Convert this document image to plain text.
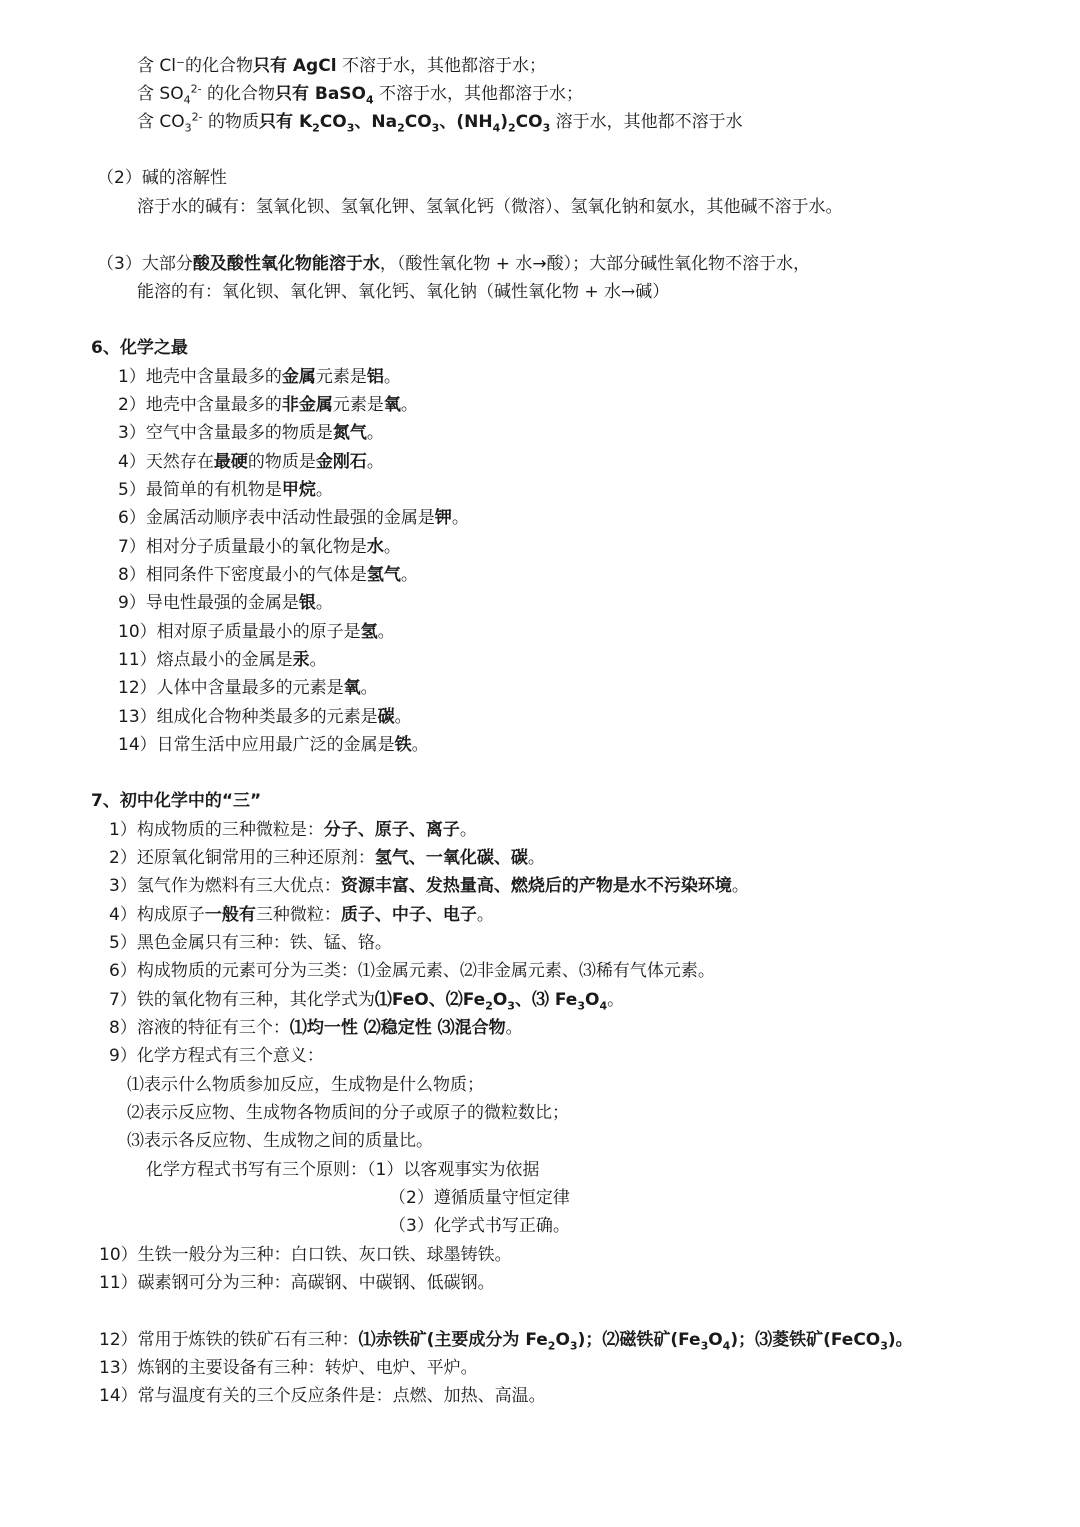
含 Cl⁻的化合物只有 AgCl 不溶于水，其他都溶于水；
含 $SO_4^{2-}$ 的化合物只有 BaSO$_4$ 不溶于水，其他都溶于水；
含 $CO_3^{2-}$ 的物质只有 $K_2CO_3$、$Na_2CO_3$、$(NH_4)_2CO_3$ 溶于水，其他都不溶于水
（2）碱的溶解性
溶于水的碱有：氢氧化钡、氢氧化钾、氢氧化钙（微溶）、氢氧化钠和氨水，其他碱不溶于水。
（3）大部分酸及酸性氧化物能溶于水，（酸性氧化物 + 水→酸）；大部分碱性氧化物不溶于水，
能溶的有：氧化钡、氧化钾、氧化钙、氧化钠（碱性氧化物 + 水→碱）
6、化学之最
1）地壳中含量最多的金属元素是铝。
2）地壳中含量最多的非金属元素是氧。
3）空气中含量最多的物质是氮气。
4）天然存在最硬的物质是金刚石。
5）最简单的有机物是甲烷。
6）金属活动顺序表中活动性最强的金属是钾。
7）相对分子质量最小的氧化物是水。
8）相同条件下密度最小的气体是氢气。
9）导电性最强的金属是银。
10）相对原子质量最小的原子是氢。
11）熔点最小的金属是汞。
12）人体中含量最多的元素是氧。
13）组成化合物种类最多的元素是碳。
14）日常生活中应用最广泛的金属是铁。
7、初中化学中的“三”
1）构成物质的三种微粒是：分子、原子、离子。
2）还原氧化铜常用的三种还原剂：氢气、一氧化碳、碳。
3）氢气作为燃料有三大优点：资源丰富、发热量高、燃烧后的产物是水不污染环境。
4）构成原子一般有三种微粒：质子、中子、电子。
5）黑色金属只有三种：铁、锰、铬。
6）构成物质的元素可分为三类：⑴金属元素、⑵非金属元素、⑶稀有气体元素。
7）铁的氧化物有三种，其化学式为⑴FeO、$⑵Fe_2O_3$、⑶ $Fe_3O_4$。
8）溶液的特征有三个：⑴均一性 ⑵稳定性 ⑶混合物。
9）化学方程式有三个意义：
⑴表示什么物质参加反应，生成物是什么物质；
⑵表示反应物、生成物各物质间的分子或原子的微粒数比；
⑶表示各反应物、生成物之间的质量比。
化学方程式书写有三个原则：（1）以客观事实为依据
（2）遵循质量守恒定律
（3）化学式书写正确。
10）生铁一般分为三种：白口铁、灰口铁、球墨铸铁。
11）碳素钢可分为三种：高碳钢、中碳钢、低碳钢。
12）常用于炼铁的铁矿石有三种：⑴赤铁矿(主要成分为 $Fe_2O_3$)；⑵磁铁矿$(Fe_3O_4)$；⑶菱铁矿(FeCO$_3$)。
13）炼钢的主要设备有三种：转炉、电炉、平炉。
14）常与温度有关的三个反应条件是：点燃、加热、高温。
